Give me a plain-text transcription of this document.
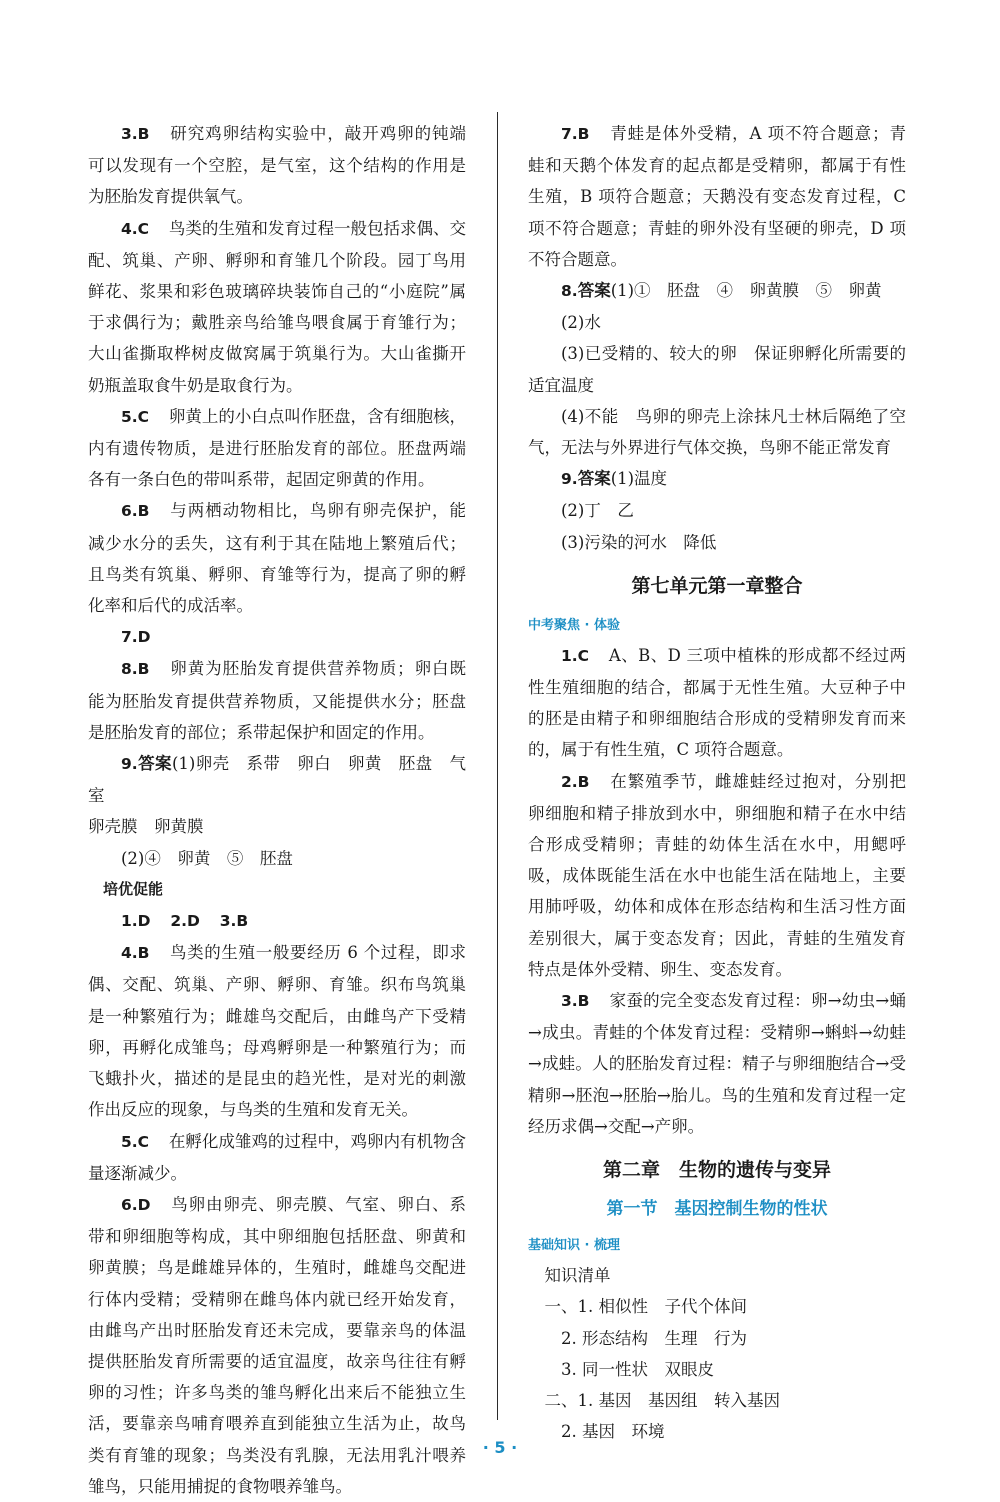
3.B 研究鸡卵结构实验中，敲开鸡卵的钝端可以发现有一个空腔，是气室，这个结构的作用是为胚胎发育提供氧气。

4.C 鸟类的生殖和发育过程一般包括求偶、交配、筑巢、产卵、孵卵和育雏几个阶段。园丁鸟用鲜花、浆果和彩色玻璃碎块装饰自己的“小庭院”属于求偶行为；戴胜亲鸟给雏鸟喂食属于育雏行为；大山雀撕取桦树皮做窝属于筑巢行为。大山雀撕开奶瓶盖取食牛奶是取食行为。

5.C 卵黄上的小白点叫作胚盘，含有细胞核，内有遗传物质，是进行胚胎发育的部位。胚盘两端各有一条白色的带叫系带，起固定卵黄的作用。

6.B 与两栖动物相比，鸟卵有卵壳保护，能减少水分的丢失，这有利于其在陆地上繁殖后代；且鸟类有筑巢、孵卵、育雏等行为，提高了卵的孵化率和后代的成活率。

7.D

8.B 卵黄为胚胎发育提供营养物质；卵白既能为胚胎发育提供营养物质，又能提供水分；胚盘是胚胎发育的部位；系带起保护和固定的作用。

9.答案(1)卵壳　系带　卵白　卵黄　胚盘　气室
卵壳膜　卵黄膜

(2)④　卵黄　⑤　胚盘

培优促能

1.D 2.D 3.B

4.B 鸟类的生殖一般要经历 6 个过程，即求偶、交配、筑巢、产卵、孵卵、育雏。织布鸟筑巢是一种繁殖行为；雌雄鸟交配后，由雌鸟产下受精卵，再孵化成雏鸟；母鸡孵卵是一种繁殖行为；而飞蛾扑火，描述的是昆虫的趋光性，是对光的刺激作出反应的现象，与鸟类的生殖和发育无关。

5.C 在孵化成雏鸡的过程中，鸡卵内有机物含量逐渐减少。

6.D 鸟卵由卵壳、卵壳膜、气室、卵白、系带和卵细胞等构成，其中卵细胞包括胚盘、卵黄和卵黄膜；鸟是雌雄异体的，生殖时，雌雄鸟交配进行体内受精；受精卵在雌鸟体内就已经开始发育，由雌鸟产出时胚胎发育还未完成，要靠亲鸟的体温提供胚胎发育所需要的适宜温度，故亲鸟往往有孵卵的习性；许多鸟类的雏鸟孵化出来后不能独立生活，要靠亲鸟哺育喂养直到能独立生活为止，故鸟类有育雏的现象；鸟类没有乳腺，无法用乳汁喂养雏鸟，只能用捕捉的食物喂养雏鸟。

7.B 青蛙是体外受精，A 项不符合题意；青蛙和天鹅个体发育的起点都是受精卵，都属于有性生殖，B 项符合题意；天鹅没有变态发育过程，C 项不符合题意；青蛙的卵外没有坚硬的卵壳，D 项不符合题意。

8.答案(1)①　胚盘　④　卵黄膜　⑤　卵黄

(2)水

(3)已受精的、较大的卵　保证卵孵化所需要的适宜温度

(4)不能　鸟卵的卵壳上涂抹凡士林后隔绝了空气，无法与外界进行气体交换，鸟卵不能正常发育

9.答案(1)温度

(2)丁　乙

(3)污染的河水　降低

第七单元第一章整合

中考聚焦 · 体验

1.C A、B、D 三项中植株的形成都不经过两性生殖细胞的结合，都属于无性生殖。大豆种子中的胚是由精子和卵细胞结合形成的受精卵发育而来的，属于有性生殖，C 项符合题意。

2.B 在繁殖季节，雌雄蛙经过抱对，分别把卵细胞和精子排放到水中，卵细胞和精子在水中结合形成受精卵；青蛙的幼体生活在水中，用鳃呼吸，成体既能生活在水中也能生活在陆地上，主要用肺呼吸，幼体和成体在形态结构和生活习性方面差别很大，属于变态发育；因此，青蛙的生殖发育特点是体外受精、卵生、变态发育。

3.B 家蚕的完全变态发育过程：卵→幼虫→蛹→成虫。青蛙的个体发育过程：受精卵→蝌蚪→幼蛙→成蛙。人的胚胎发育过程：精子与卵细胞结合→受精卵→胚泡→胚胎→胎儿。鸟的生殖和发育过程一定经历求偶→交配→产卵。

第二章　生物的遗传与变异
第一节　基因控制生物的性状

基础知识 · 梳理

知识清单

一、1. 相似性　子代个体间

2. 形态结构　生理　行为

3. 同一性状　双眼皮

二、1. 基因　基因组　转入基因

2. 基因　环境

· 5 ·
